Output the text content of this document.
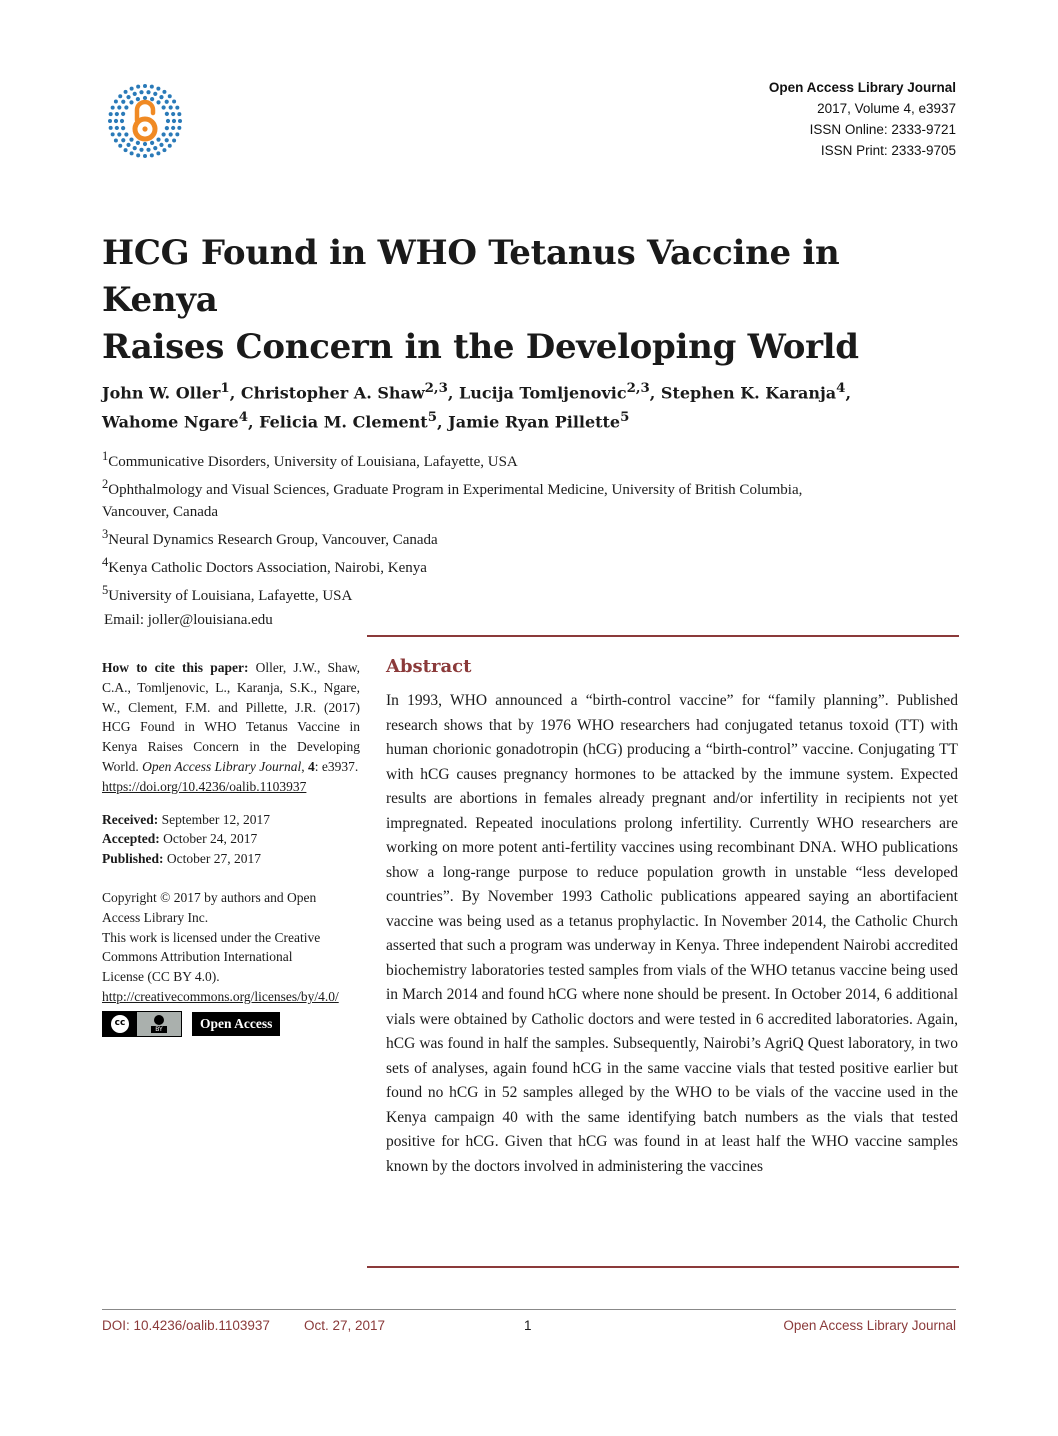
Open Access Library Journal
2017, Volume 4, e3937
ISSN Online: 2333-9721
ISSN Print: 2333-9705
HCG Found in WHO Tetanus Vaccine in Kenya
Raises Concern in the Developing World
John W. Oller$^1$, Christopher A. Shaw$^{2,3}$, Lucija Tomljenovic$^{2,3}$, Stephen K. Karanja$^4$,
Wahome Ngare$^4$, Felicia M. Clement$^5$, Jamie Ryan Pillette$^5$
$^1$Communicative Disorders, University of Louisiana, Lafayette, USA
$^2$Ophthalmology and Visual Sciences, Graduate Program in Experimental Medicine, University of British Columbia,
Vancouver, Canada
$^3$Neural Dynamics Research Group, Vancouver, Canada
$^4$Kenya Catholic Doctors Association, Nairobi, Kenya
$^5$University of Louisiana, Lafayette, USA
Email: joller@louisiana.edu
How to cite this paper: Oller, J.W., Shaw, C.A., Tomljenovic, L., Karanja, S.K., Ngare, W., Clement, F.M. and Pillette, J.R. (2017) HCG Found in WHO Tetanus Vaccine in Kenya Raises Concern in the Developing World. Open Access Library Journal, 4: e3937.
https://doi.org/10.4236/oalib.1103937
Received: September 12, 2017
Accepted: October 24, 2017
Published: October 27, 2017
Copyright © 2017 by authors and Open
Access Library Inc.
This work is licensed under the Creative
Commons Attribution International
License (CC BY 4.0).
http://creativecommons.org/licenses/by/4.0/
cc
BY	Open Access
Abstract

In 1993, WHO announced a “birth-control vaccine” for “family planning”. Published research shows that by 1976 WHO researchers had conjugated tetanus toxoid (TT) with human chorionic gonadotropin (hCG) producing a “birth-control” vaccine. Conjugating TT with hCG causes pregnancy hormones to be attacked by the immune system. Expected results are abortions in females already pregnant and/or infertility in recipients not yet impregnated. Repeated inoculations prolong infertility. Currently WHO researchers are working on more potent anti-fertility vaccines using recombinant DNA. WHO publications show a long-range purpose to reduce population growth in unstable “less developed countries”. By November 1993 Catholic publications appeared saying an abortifacient vaccine was being used as a tetanus prophylactic. In November 2014, the Catholic Church asserted that such a program was underway in Kenya. Three independent Nairobi accredited biochemistry laboratories tested samples from vials of the WHO tetanus vaccine being used in March 2014 and found hCG where none should be present. In October 2014, 6 additional vials were obtained by Catholic doctors and were tested in 6 accredited laboratories. Again, hCG was found in half the samples. Subsequently, Nairobi’s AgriQ Quest laboratory, in two sets of analyses, again found hCG in the same vaccine vials that tested positive earlier but found no hCG in 52 samples alleged by the WHO to be vials of the vaccine used in the Kenya campaign 40 with the same identifying batch numbers as the vials that tested positive for hCG. Given that hCG was found in at least half the WHO vaccine samples known by the doctors involved in administering the vaccines

DOI: 10.4236/oalib.1103937	Oct. 27, 2017	1	Open Access Library Journal
